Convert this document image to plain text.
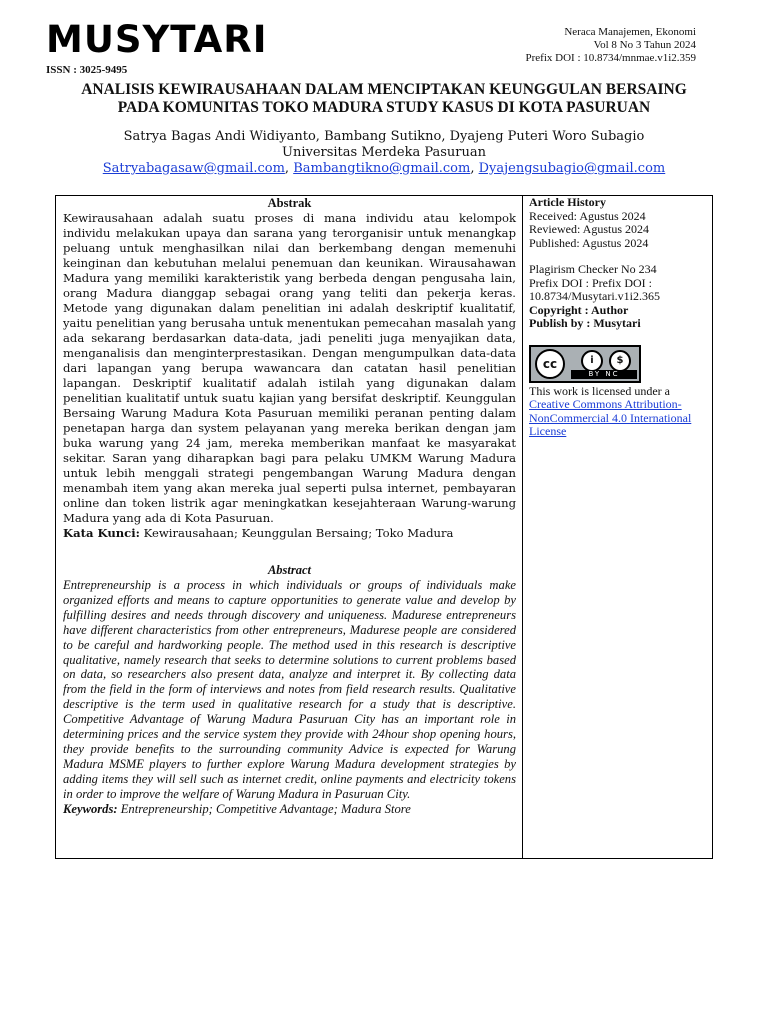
MUSYTARI
ISSN : 3025-9495
Neraca Manajemen, Ekonomi
Vol 8 No 3 Tahun 2024
Prefix DOI : 10.8734/mnmae.v1i2.359
ANALISIS KEWIRAUSAHAAN DALAM MENCIPTAKAN KEUNGGULAN BERSAING
PADA KOMUNITAS TOKO MADURA STUDY KASUS DI KOTA PASURUAN
Satrya Bagas Andi Widiyanto, Bambang Sutikno, Dyajeng Puteri Woro Subagio
Universitas Merdeka Pasuruan
Satryabagasaw@gmail.com, Bambangtikno@gmail.com, Dyajengsubagio@gmail.com
Abstrak

Kewirausahaan adalah suatu proses di mana individu atau kelompok individu melakukan upaya dan sarana yang terorganisir untuk menangkap peluang untuk menghasilkan nilai dan berkembang dengan memenuhi keinginan dan kebutuhan melalui penemuan dan keunikan. Wirausahawan Madura yang memiliki karakteristik yang berbeda dengan pengusaha lain, orang Madura dianggap sebagai orang yang teliti dan pekerja keras. Metode yang digunakan dalam penelitian ini adalah deskriptif kualitatif, yaitu penelitian yang berusaha untuk menentukan pemecahan masalah yang ada sekarang berdasarkan data-data, jadi peneliti juga menyajikan data, menganalisis dan menginterprestasikan. Dengan mengumpulkan data-data dari lapangan yang berupa wawancara dan catatan hasil penelitian lapangan. Deskriptif kualitatif adalah istilah yang digunakan dalam penelitian kualitatif untuk suatu kajian yang bersifat deskriptif. Keunggulan Bersaing Warung Madura Kota Pasuruan memiliki peranan penting dalam penetapan harga dan system pelayanan yang mereka berikan dengan jam buka warung yang 24 jam, mereka memberikan manfaat ke masyarakat sekitar. Saran yang diharapkan bagi para pelaku UMKM Warung Madura untuk lebih menggali strategi pengembangan Warung Madura dengan menambah item yang akan mereka jual seperti pulsa internet, pembayaran online dan token listrik agar meningkatkan kesejahteraan Warung-warung Madura yang ada di Kota Pasuruan.

Kata Kunci: Kewirausahaan; Keunggulan Bersaing; Toko Madura

Abstract

Entrepreneurship is a process in which individuals or groups of individuals make organized efforts and means to capture opportunities to generate value and develop by fulfilling desires and needs through discovery and uniqueness. Madurese entrepreneurs have different characteristics from other entrepreneurs, Madurese people are considered to be careful and hardworking people. The method used in this research is descriptive qualitative, namely research that seeks to determine solutions to current problems based on data, so researchers also present data, analyze and interpret it. By collecting data from the field in the form of interviews and notes from field research results. Qualitative descriptive is the term used in qualitative research for a study that is descriptive. Competitive Advantage of Warung Madura Pasuruan City has an important role in determining prices and the service system they provide with 24hour shop opening hours, they provide benefits to the surrounding community Advice is expected for Warung Madura MSME players to further explore Warung Madura development strategies by adding items they will sell such as internet credit, online payments and electricity tokens in order to improve the welfare of Warung Madura in Pasuruan City.

Keywords: Entrepreneurship; Competitive Advantage; Madura Store

Article History
Received: Agustus 2024
Reviewed: Agustus 2024
Published: Agustus 2024
Plagirism Checker No 234
Prefix DOI : Prefix DOI : 10.8734/Musytari.v1i2.365
Copyright : Author
Publish by : Musytari
cc	i	$
BY NC
This work is licensed under a Creative Commons Attribution-NonCommercial 4.0 International License
